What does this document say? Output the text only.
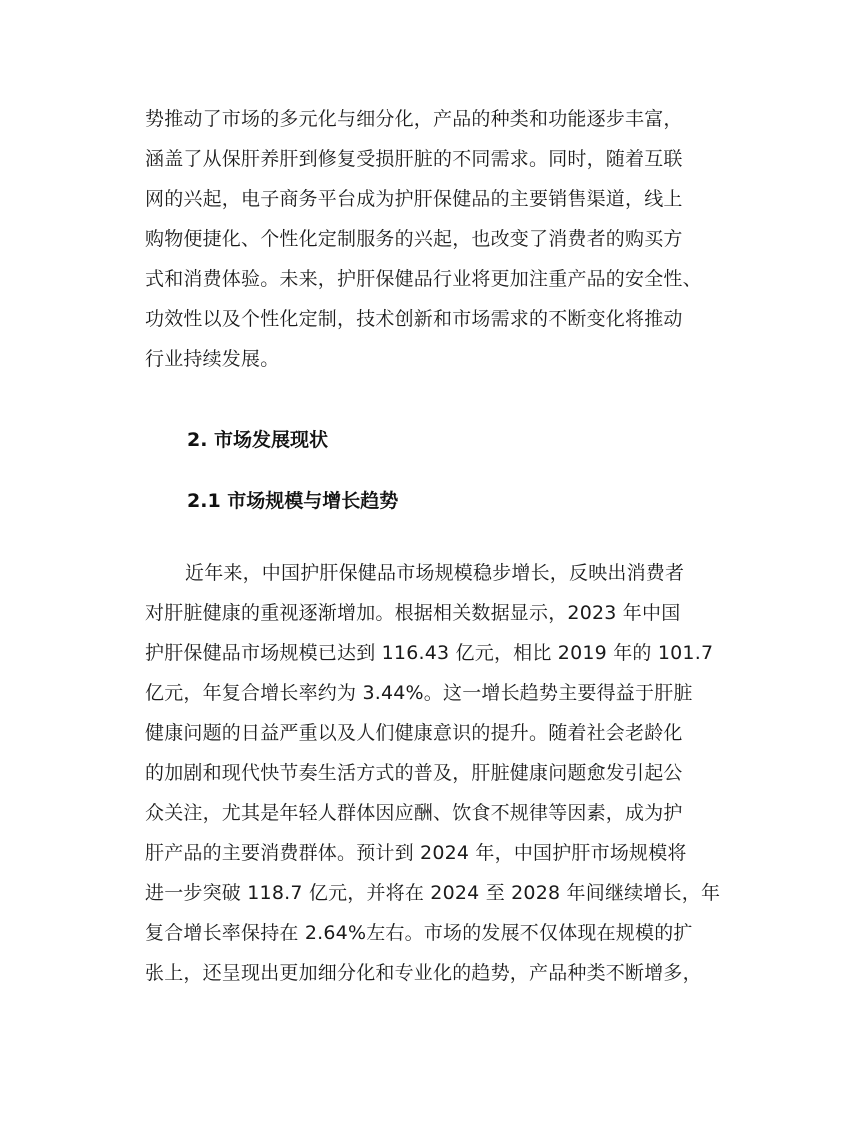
势推动了市场的多元化与细分化，产品的种类和功能逐步丰富，
涵盖了从保肝养肝到修复受损肝脏的不同需求。同时，随着互联
网的兴起，电子商务平台成为护肝保健品的主要销售渠道，线上
购物便捷化、个性化定制服务的兴起，也改变了消费者的购买方
式和消费体验。未来，护肝保健品行业将更加注重产品的安全性、
功效性以及个性化定制，技术创新和市场需求的不断变化将推动
行业持续发展。
2. 市场发展现状
2.1 市场规模与增长趋势
近年来，中国护肝保健品市场规模稳步增长，反映出消费者
对肝脏健康的重视逐渐增加。根据相关数据显示，2023 年中国
护肝保健品市场规模已达到 116.43 亿元，相比 2019 年的 101.7
亿元，年复合增长率约为 3.44%。这一增长趋势主要得益于肝脏
健康问题的日益严重以及人们健康意识的提升。随着社会老龄化
的加剧和现代快节奏生活方式的普及，肝脏健康问题愈发引起公
众关注，尤其是年轻人群体因应酬、饮食不规律等因素，成为护
肝产品的主要消费群体。预计到 2024 年，中国护肝市场规模将
进一步突破 118.7 亿元，并将在 2024 至 2028 年间继续增长，年
复合增长率保持在 2.64%左右。市场的发展不仅体现在规模的扩
张上，还呈现出更加细分化和专业化的趋势，产品种类不断增多，
